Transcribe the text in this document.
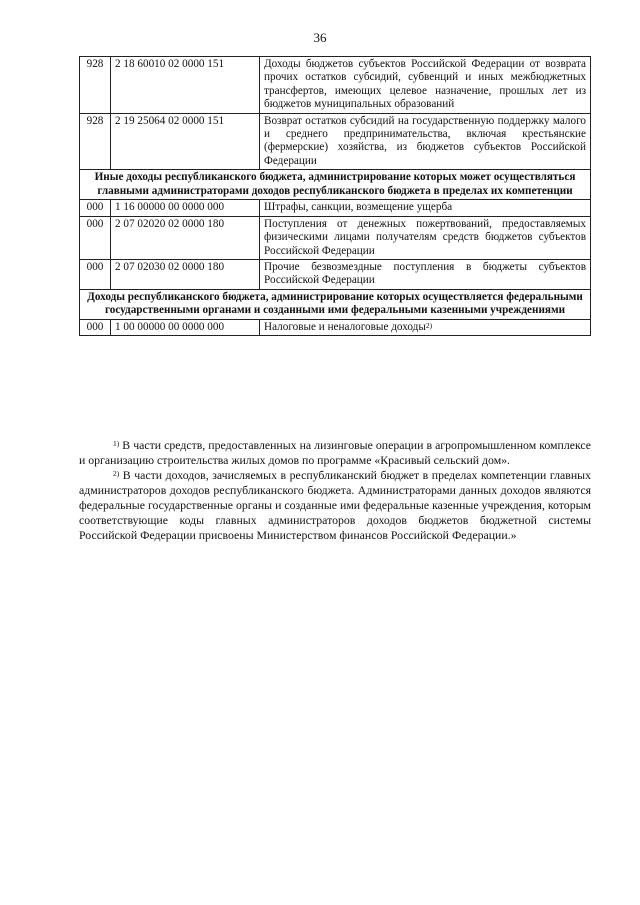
36
928	2 18 60010 02 0000 151	Доходы бюджетов субъектов Российской Федерации от возврата прочих остатков субсидий, субвенций и иных межбюджетных трансфертов, имеющих целевое назначение, прошлых лет из бюджетов муниципальных образований
928	2 19 25064 02 0000 151	Возврат остатков субсидий на государственную поддержку малого и среднего предпринимательства, включая крестьянские (фермерские) хозяйства, из бюджетов субъектов Российской Федерации
Иные доходы республиканского бюджета, администрирование которых может осуществляться главными администраторами доходов республиканского бюджета в пределах их компетенции		
000	1 16 00000 00 0000 000	Штрафы, санкции, возмещение ущерба
000	2 07 02020 02 0000 180	Поступления от денежных пожертвований, предоставляемых физическими лицами получателям средств бюджетов субъектов Российской Федерации
000	2 07 02030 02 0000 180	Прочие безвозмездные поступления в бюджеты субъектов Российской Федерации
Доходы республиканского бюджета, администрирование которых осуществляется федеральными государственными органами и созданными ими федеральными казенными учреждениями		
000	1 00 00000 00 0000 000	Налоговые и неналоговые доходы$^{2)}$

$^{1)}$ В части средств, предоставленных на лизинговые операции в агропромышленном комплексе и организацию строительства жилых домов по программе «Красивый сельский дом».

$^{2)}$ В части доходов, зачисляемых в республиканский бюджет в пределах компетенции главных администраторов доходов республиканского бюджета. Администраторами данных доходов являются федеральные государственные органы и созданные ими федеральные казенные учреждения, которым соответствующие коды главных администраторов доходов бюджетов бюджетной системы Российской Федерации присвоены Министерством финансов Российской Федерации.»
